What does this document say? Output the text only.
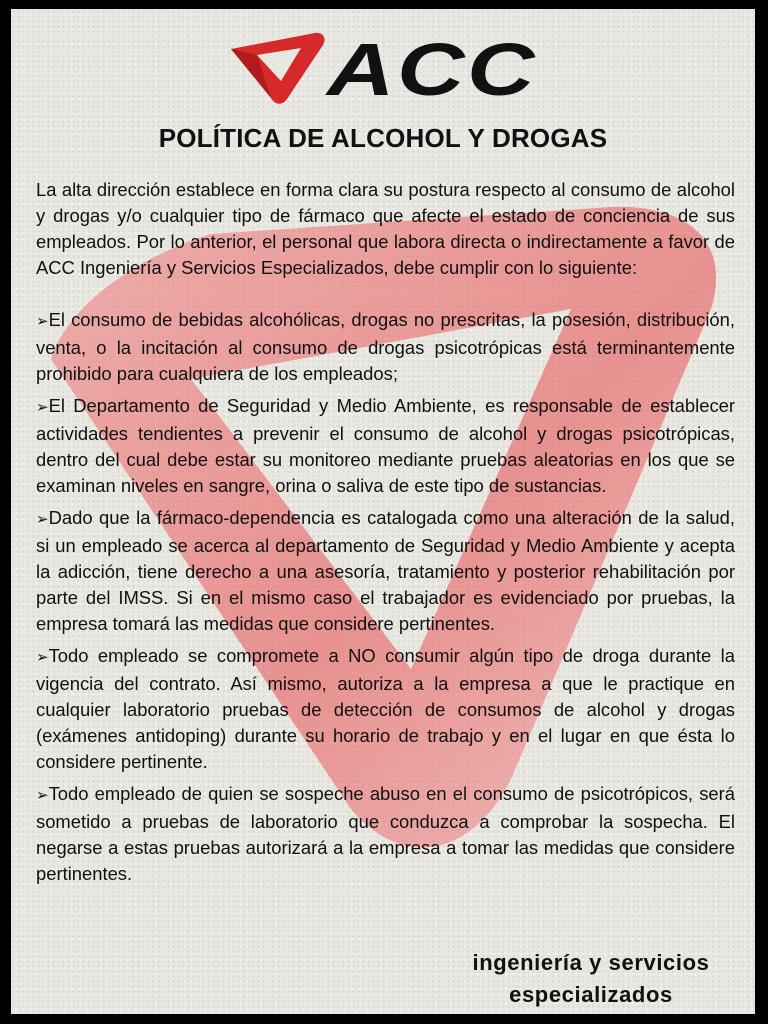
ACC
POLÍTICA DE ALCOHOL Y DROGAS

La alta dirección establece en forma clara su postura respecto al consumo de alcohol y drogas y/o cualquier tipo de fármaco que afecte el estado de conciencia de sus empleados. Por lo anterior, el personal que labora directa o indirectamente a favor de ACC Ingeniería y Servicios Especializados, debe cumplir con lo siguiente:

➢El consumo de bebidas alcohólicas, drogas no prescritas, la posesión, distribución, venta, o la incitación al consumo de drogas psicotrópicas está terminantemente prohibido para cualquiera de los empleados;

➢El Departamento de Seguridad y Medio Ambiente, es responsable de establecer actividades tendientes a prevenir el consumo de alcohol y drogas psicotrópicas, dentro del cual debe estar su monitoreo mediante pruebas aleatorias en los que se examinan niveles en sangre, orina o saliva de este tipo de sustancias.

➢Dado que la fármaco-dependencia es catalogada como una alteración de la salud, si un empleado se acerca al departamento de Seguridad y Medio Ambiente y acepta la adicción, tiene derecho a una asesoría, tratamiento y posterior rehabilitación por parte del IMSS. Si en el mismo caso el trabajador es evidenciado por pruebas, la empresa tomará las medidas que considere pertinentes.

➢Todo empleado se compromete a NO consumir algún tipo de droga durante la vigencia del contrato. Así mismo, autoriza a la empresa a que le practique en cualquier laboratorio pruebas de detección de consumos de alcohol y drogas (exámenes antidoping) durante su horario de trabajo y en el lugar en que ésta lo considere pertinente.

➢Todo empleado de quien se sospeche abuso en el consumo de psicotrópicos, será sometido a pruebas de laboratorio que conduzca a comprobar la sospecha. El negarse a estas pruebas autorizará a la empresa a tomar las medidas que considere pertinentes.

ingeniería y servicios
especializados
